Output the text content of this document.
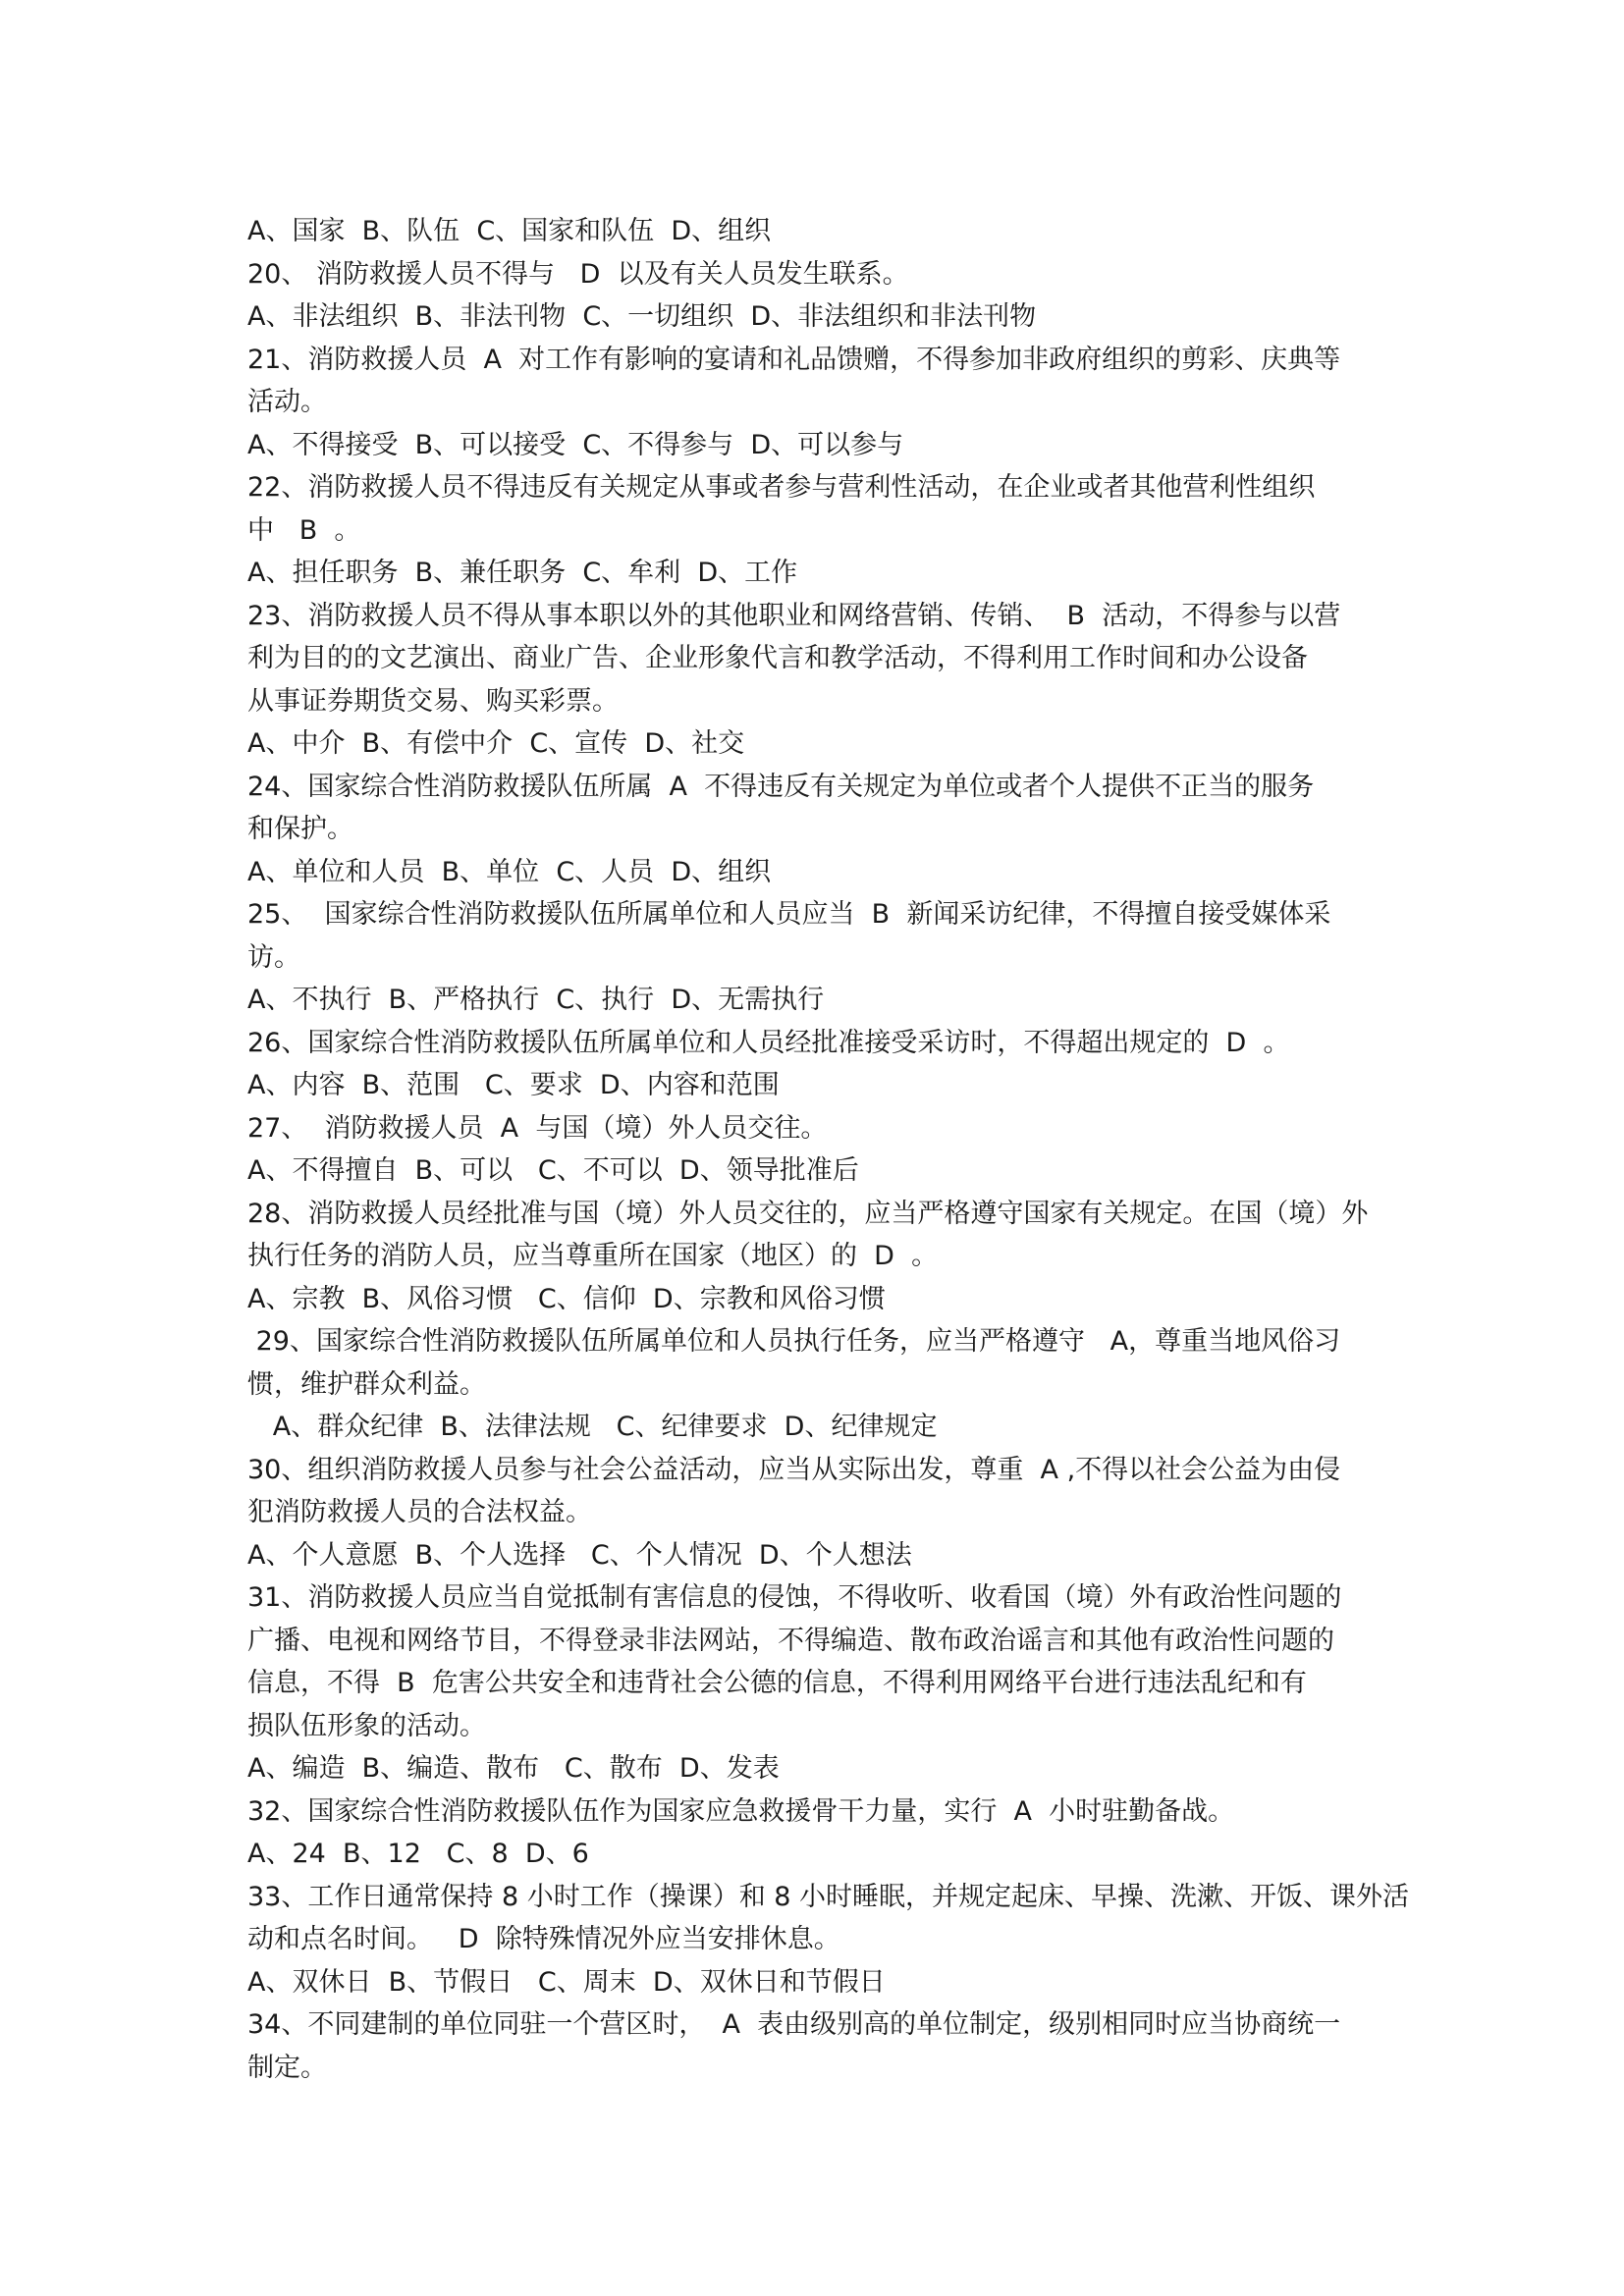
A、国家  B、队伍  C、国家和队伍  D、组织
20、 消防救援人员不得与   D  以及有关人员发生联系。
A、非法组织  B、非法刊物  C、一切组织  D、非法组织和非法刊物
21、消防救援人员  A  对工作有影响的宴请和礼品馈赠，不得参加非政府组织的剪彩、庆典等
活动。
A、不得接受  B、可以接受  C、不得参与  D、可以参与
22、消防救援人员不得违反有关规定从事或者参与营利性活动，在企业或者其他营利性组织
中   B  。
A、担任职务  B、兼任职务  C、牟利  D、工作
23、消防救援人员不得从事本职以外的其他职业和网络营销、传销、  B  活动，不得参与以营
利为目的的文艺演出、商业广告、企业形象代言和教学活动，不得利用工作时间和办公设备
从事证券期货交易、购买彩票。
A、中介  B、有偿中介  C、宣传  D、社交
24、国家综合性消防救援队伍所属  A  不得违反有关规定为单位或者个人提供不正当的服务
和保护。
A、单位和人员  B、单位  C、人员  D、组织
25、  国家综合性消防救援队伍所属单位和人员应当  B  新闻采访纪律，不得擅自接受媒体采
访。
A、不执行  B、严格执行  C、执行  D、无需执行
26、国家综合性消防救援队伍所属单位和人员经批准接受采访时，不得超出规定的  D  。
A、内容  B、范围   C、要求  D、内容和范围
27、  消防救援人员  A  与国（境）外人员交往。
A、不得擅自  B、可以   C、不可以  D、领导批准后
28、消防救援人员经批准与国（境）外人员交往的，应当严格遵守国家有关规定。在国（境）外
执行任务的消防人员，应当尊重所在国家（地区）的  D  。
A、宗教  B、风俗习惯   C、信仰  D、宗教和风俗习惯
29、国家综合性消防救援队伍所属单位和人员执行任务，应当严格遵守   A，尊重当地风俗习
惯，维护群众利益。
A、群众纪律  B、法律法规   C、纪律要求  D、纪律规定
30、组织消防救援人员参与社会公益活动，应当从实际出发，尊重  A ,不得以社会公益为由侵
犯消防救援人员的合法权益。
A、个人意愿  B、个人选择   C、个人情况  D、个人想法
31、消防救援人员应当自觉抵制有害信息的侵蚀，不得收听、收看国（境）外有政治性问题的
广播、电视和网络节目，不得登录非法网站，不得编造、散布政治谣言和其他有政治性问题的
信息，不得  B  危害公共安全和违背社会公德的信息，不得利用网络平台进行违法乱纪和有
损队伍形象的活动。
A、编造  B、编造、散布   C、散布  D、发表
32、国家综合性消防救援队伍作为国家应急救援骨干力量，实行  A  小时驻勤备战。
A、24  B、12   C、8  D、6
33、工作日通常保持 8 小时工作（操课）和 8 小时睡眠，并规定起床、早操、洗漱、开饭、课外活
动和点名时间。   D  除特殊情况外应当安排休息。
A、双休日  B、节假日   C、周末  D、双休日和节假日
34、不同建制的单位同驻一个营区时，  A  表由级别高的单位制定，级别相同时应当协商统一
制定。
